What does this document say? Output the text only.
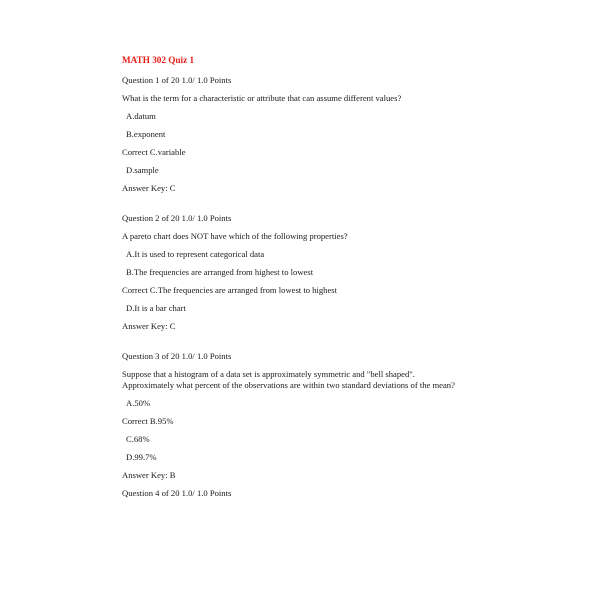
MATH 302 Quiz 1
Question 1 of 20 1.0/ 1.0 Points
What is the term for a characteristic or attribute that can assume different values?
A.datum
B.exponent
Correct C.variable
D.sample
Answer Key: C
Question 2 of 20 1.0/ 1.0 Points
A pareto chart does NOT have which of the following properties?
A.It is used to represent categorical data
B.The frequencies are arranged from highest to lowest
Correct C.The frequencies are arranged from lowest to highest
D.It is a bar chart
Answer Key: C
Question 3 of 20 1.0/ 1.0 Points
Suppose that a histogram of a data set is approximately symmetric and "bell shaped".
Approximately what percent of the observations are within two standard deviations of the mean?
A.50%
Correct B.95%
C.68%
D.99.7%
Answer Key: B
Question 4 of 20 1.0/ 1.0 Points
